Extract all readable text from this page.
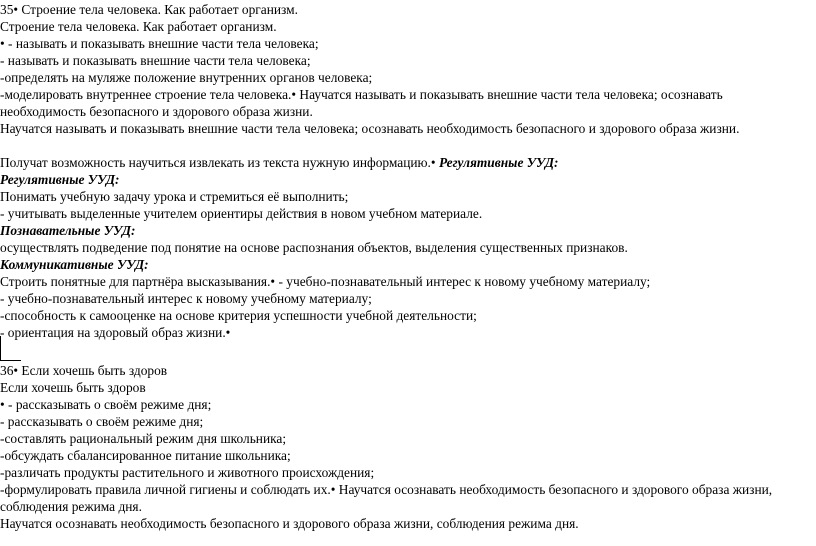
35• Строение тела человека. Как работает организм.
Строение тела человека. Как работает организм.
• - называть и показывать внешние части тела человека;
- называть и показывать внешние части тела человека;
-определять на муляже положение внутренних органов человека;
-моделировать внутреннее строение тела человека.• Научатся называть и показывать внешние части тела человека; осознавать необходимость безопасного и здорового образа жизни.
Научатся называть и показывать внешние части тела человека; осознавать необходимость безопасного и здорового образа жизни.
Получат возможность научиться извлекать из текста нужную информацию.• Регулятивные УУД:
Регулятивные УУД:
Понимать учебную задачу урока и стремиться её выполнить;
- учитывать выделенные учителем ориентиры действия в новом учебном материале.
Познавательные УУД:
осуществлять подведение под понятие на основе распознания объектов, выделения существенных признаков.
Коммуникативные УУД:
Строить понятные для партнёра высказывания.• - учебно-познавательный интерес к новому учебному материалу;
- учебно-познавательный интерес к новому учебному материалу;
-способность к самооценке на основе критерия успешности учебной деятельности;
- ориентация на здоровый образ жизни.•
36• Если хочешь быть здоров
Если хочешь быть здоров
• - рассказывать о своём режиме дня;
- рассказывать о своём режиме дня;
-составлять рациональный режим дня школьника;
-обсуждать сбалансированное питание школьника;
-различать продукты растительного и животного происхождения;
-формулировать правила личной гигиены и соблюдать их.• Научатся осознавать необходимость безопасного и здорового образа жизни, соблюдения режима дня.
Научатся осознавать необходимость безопасного и здорового образа жизни, соблюдения режима дня.
